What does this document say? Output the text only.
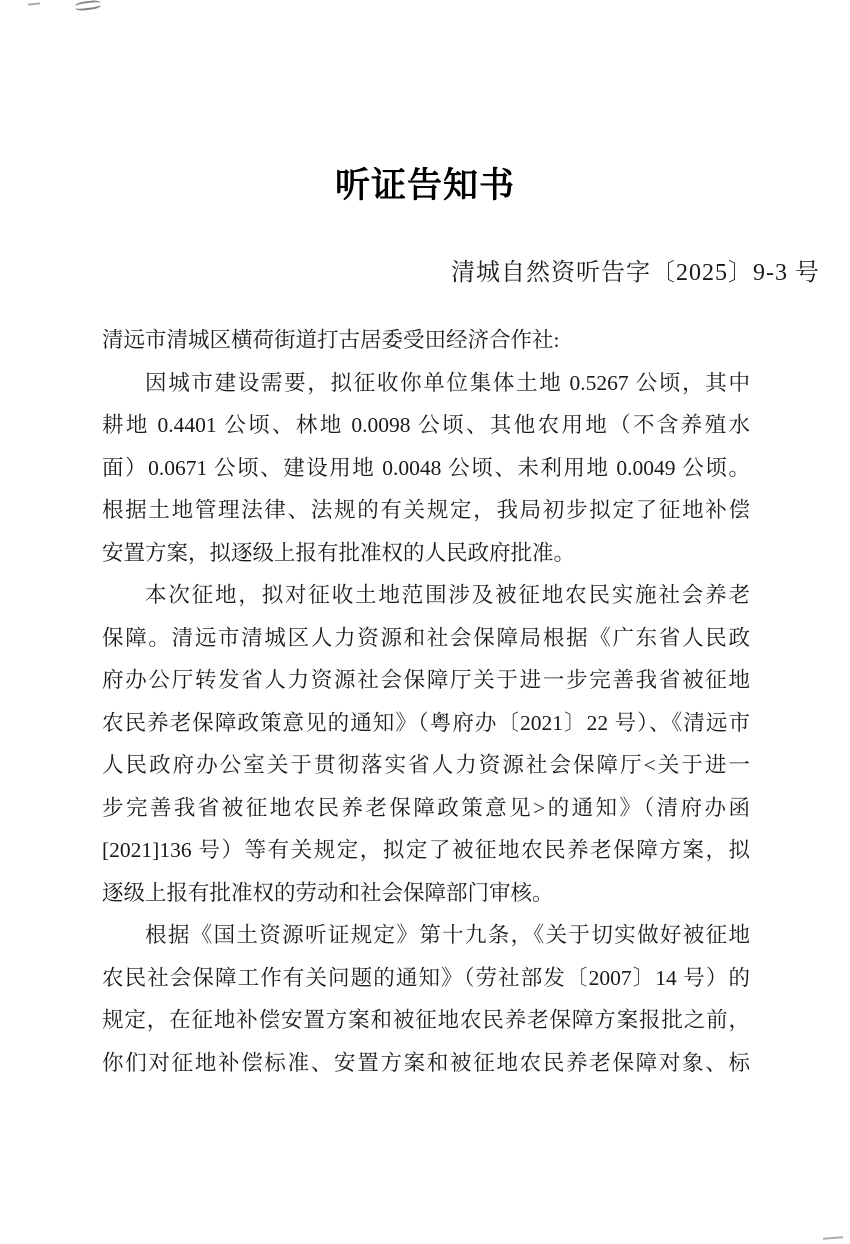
听证告知书
清城自然资听告字〔2025〕9-3 号
清远市清城区横荷街道打古居委受田经济合作社:
因城市建设需要，拟征收你单位集体土地 0.5267 公顷，其中
耕地 0.4401 公顷、林地 0.0098 公顷、其他农用地（不含养殖水
面）0.0671 公顷、建设用地 0.0048 公顷、未利用地 0.0049 公顷。
根据土地管理法律、法规的有关规定，我局初步拟定了征地补偿
安置方案，拟逐级上报有批准权的人民政府批准。
本次征地，拟对征收土地范围涉及被征地农民实施社会养老
保障。清远市清城区人力资源和社会保障局根据《广东省人民政
府办公厅转发省人力资源社会保障厅关于进一步完善我省被征地
农民养老保障政策意见的通知》（粤府办〔2021〕22 号）、《清远市
人民政府办公室关于贯彻落实省人力资源社会保障厅<关于进一
步完善我省被征地农民养老保障政策意见>的通知》（清府办函
[2021]136 号）等有关规定，拟定了被征地农民养老保障方案，拟
逐级上报有批准权的劳动和社会保障部门审核。
根据《国土资源听证规定》第十九条，《关于切实做好被征地
农民社会保障工作有关问题的通知》（劳社部发〔2007〕14 号）的
规定，在征地补偿安置方案和被征地农民养老保障方案报批之前，
你们对征地补偿标准、安置方案和被征地农民养老保障对象、标
